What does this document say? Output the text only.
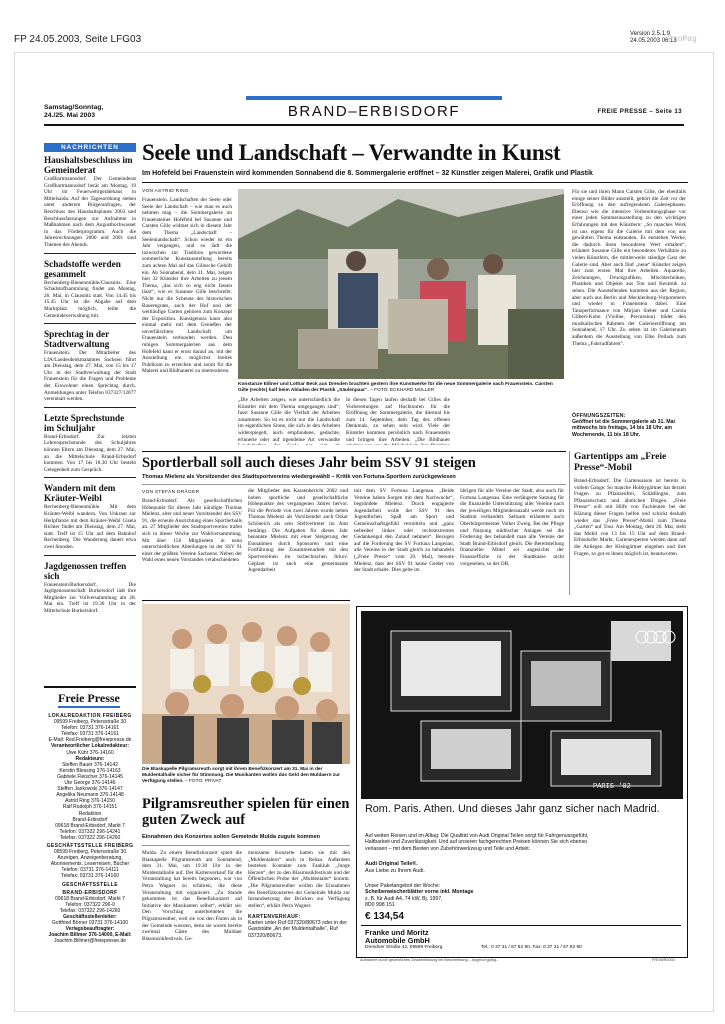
FP 24.05.2003, Seite LFG03	Version 2.5.1.9
24.05.2003 06:13
ProPag
Samstag/Sonntag,
24./25. Mai 2003	BRAND–ERBISDORF	FREIE PRESSE – Seite 13
NACHRICHTEN
Haushaltsbeschluss im Gemeinderat

Großhartmannsdorf. Der Gemeinderat Großhartmannsdorf berät am Montag, 19 Uhr im Feuerwehrgerätehaus in Mittelsaida. Auf der Tagesordnung stehen unter anderem Bürgeranfragen, der Beschluss des Haushaltsplanes 2003 und Beschlussfassungen zur Aufnahme in Maßnahmen nach dem Augusthochwasser in das Förderprogramm. Auch die Jahresrechnungen 2000 und 2001 sind Themen des Abends.

Schadstoffe werden gesammelt

Rechenberg-Bienenmühle/Clausnitz. Eine Schadstoffsammlung findet am Montag, 26. Mai, in Clausnitz statt. Von 14.45 bis 15.45 Uhr ist die Abgabe auf dem Marktplatz möglich, teilte die Gemeindeverwaltung mit.

Sprechtag in der Stadtverwaltung

Frauenstein. Der Mitarbeiter des LfA/Landesdenkmalamtes Sachsen führt am Dienstag, dem 27. Mai, von 15 bis 17 Uhr in der Stadtverwaltung der Stadt Frauenstein für die Fragen und Probleme der Einwohner einen Sprechtag durch. Anmeldungen unter Telefon 037327/12877 vereinbart werden.

Letzte Sprechstunde im Schuljahr

Brand-Erbisdorf. Zur letzten Lehrersprechstunde des Schuljahres können Eltern am Dienstag, dem 27. Mai, an die Mittelschule Brand-Erbisdorf kommen. Von 17 bis 18.30 Uhr besteht Gelegenheit zum Gespräch.

Wandern mit dem Kräuter-Weibl

Rechenberg-Bienenmühle. Mit dem Kräuter-Weibl wandern. Von Unkraut zur Heilpflanze mit dem Kräuter-Weibl Gisela Richter findet am Dienstag, dem 27. Mai, statt. Treff ist 15 Uhr auf dem Bahnhof Rechenberg. Die Wanderung dauert etwa zwei Stunden.

Jagdgenossen treffen sich

Frauenstein/Burkersdorf. Die Jagdgenossenschaft Burkersdorf lädt ihre Mitglieder zur Vollversammlung am 28. Mai ein. Treff ist 19.30 Uhr in der Mittelschule Burkersdorf.

Freie Presse
LOKALREDAKTION FREIBERG
09599 Freiberg, Petersstraße 30
Telefon: 03731 376-14161
Telefax: 03731 376-14161
E-Mail: Red.Freiberg@freiepresse.de
Verantwortlicher Lokalredakteur:
Uwe Kühr 376-14160
Redakteure:
Steffen Bauer 376-14142
Kerstin Blessing 376-14163
Gabriele Fleischer 376-14145
Ute George 376-14146
Steffen Jankowski 376-14147
Angelika Neumann 376-14148
Astrid Ring 376-14150
Ralf Rudolph 376-14151
Redaktion
Brand-Erbisdorf
09618 Brand-Erbisdorf, Markt 7
Telefon: 037322 296-14241
Telefax: 037322 296-14260
GESCHÄFTSSTELLE FREIBERG
09599 Freiberg, Petersstraße 30
Anzeigen, Anzeigenberatung,
Abonnements, Leserreisen, Bücher
Telefon: 03731 376-14111
Telefax: 03731 376-14160
GESCHÄFTSSTELLE
BRAND-ERBISDORF
09618 Brand-Erbisdorf, Markt 7
Telefon: 037322 296-0
Telefax: 037322 296-14260
Geschäftsstellenleiter:
Gottfried Börner 03731 376-14100
Verlagsbeauftragter:
Joachim Billmer 376-14000, E-Mail:
Joachim.Billmer@freiepresse.de
Seele und Landschaft – Verwandte in Kunst
Im Hofefeld bei Frauenstein wird kommenden Sonnabend die 8. Sommergalerie eröffnet – 32 Künstler zeigen Malerei, Grafik und Plastik
VON ASTRID RING
Frauenstein. Landschaften der Seele oder Seele der Landschaft – wie man es auch nehmen mag – die Sommergalerie im Frauensteiner Hofefeld bei Susanne und Carsten Gille widmet sich in diesem Jahr dem Thema „Landschaft – Seelenlandschaft“. Schon wieder ist ein Jahr vergangen, und so lädt die inzwischen zur Tradition gewordene sommerliche Kunstausstellung bereits zum achten Mal auf das Gillesche Gehöft ein. Ab Sonnabend, dem 31. Mai, zeigen hier 32 Künstler ihre Arbeiten zu jenem Thema, „das sich so eng nicht fassen lässt“, wie es Susanne Gille beschreibt. Nicht nur die Scheune des historischen Bauerngutes, auch der Hof und der weitläufige Garten gehören zum Konzept der Exposition. Kunstgenuss kann also einmal mehr mit dem Genießen der unverfälschten Landschaft um Frauenstein verbunden werden. Den ruhigen Sommergalerien aus dem Hofefeld kann er ernst darauf an, mit der Ausstellung ein möglichst breites Publikum zu erreichen und somit für die Malerei und Bildhauerei zu interessieren.
Konstanze Eißner und Lothar Beck aus Dresden brachten gestern ihre Kunstwerke für die neue Sommergalerie nach Frauenstein. Carsten Gille (rechts) half beim Abladen der Plastik „Säulenpaar“. – FOTO: ECKHARD MÜLLER
„Die Arbeiten zeigen, wie unterschiedlich die Künstler mit dem Thema umgegangen sind“, fasst Susanne Gille die Vielfalt der Arbeiten zusammen. So ist es nicht nur die Landschaft im eigentlichen Sinne, die sich in den Arbeiten widerspiegelt, auch empfundene, gedachte, erinnerte oder auf irgendeine Art verwandte
In diesen Tagen laufen deshalb bei Gilles die Vorbereitungen auf Hochtouren für die Eröffnung der Sommergalerie, die diesmal bis zum 14. September, dem Tag des offenen Denkmals, zu sehen sein wird. Viele der Künstler kommen persönlich nach Frauenstein und bringen ihre Arbeiten. „Die Bildhauer
Für sie und ihren Mann Carsten Gille, der ebenfalls einige seiner Bilder ausstellt, gehört die Zeit vor der Eröffnung zu den aufregendsten Galeriephasen. Ebenso wie die intensive Vorbereitungsphase vor einer jeden Sommerausstellung zu den wichtigen Erfahrungen mit den Künstlern: „So manches Werk ist uns eigens für die Galerie mit dem von uns gewählten Thema entstanden. Es entstehen Werke, die dadurch ihren besonderen Wert erhalten“, erläutert Susanne Gille ein besonderes Verhältnis zu vielen Künstlern, die mittlerweile ständige Gast der Galerie sind. Aber auch fünf „neue“ Künstler zeigen hier zum ersten Mal ihre Arbeiten. Aquarelle, Zeichnungen, Druckgrafiken, Mischtechniken, Plastiken und Objekte aus Ton und Keramik zu sehen. Die Ausstellenden kommen aus der Region, aber auch aus Berlin und Mecklenburg-Vorpommern und wieder in Frauenstein dabei. Eine Tanzperformance von Mirjam Sieber und Carola Gilbert-Kuhn (Violine, Percussion) bildet den musikalischen Rahmen der Galerieeröffnung am Sonnabend, 17 Uhr. Zu sehen ist im Galerieraum außerdem die Ausstellung von Elke Pollack zum Thema „Fahrradfahren“.
ÖFFNUNGSZEITEN:
Geöffnet ist die Sommergalerie ab 31. Mai mittwochs bis freitags, 14 bis 18 Uhr, am Wochenende, 11 bis 18 Uhr.
Sportlerball soll auch dieses Jahr beim SSV 91 steigen
Thomas Mielenz als Vorsitzender des Stadtsportvereins wiedergewählt – Kritik von Fortuna-Sportlern zurückgewiesen
VON STEFAN DRÄGER
Brand-Erbisdorf. Als gesellschaftlichen Höhepunkt für dieses Jahr kündigte Thomas Mielenz, alter und neuer Vorsitzender des SSV 91, die erneute Ausrichtung eines Sportlerballs an. 27 Mitglieder des Stadtsportvereins trafen sich in dieser Woche zur Wahlversammlung. Mit über 150 Mitgliedern in neun unterschiedlichen Abteilungen ist der SSV 91 einer der größten Vereine Sachsens. Neben der Wahl eines neuen Vorstandes verabschiedeten
die Mitglieder den Kassenbericht 2002 und hoben sportliche und gesellschaftliche Höhepunkte des vergangenen Jahres hervor. Für die Periode von zwei Jahren wurde neben Thomas Mielenz als Vorsitzender auch Oskar Schöneich als sein Stellvertreter im Amt bestätigt. Die Aufgaben für dieses Jahr benannte Mielenz mit einer Steigerung der Einnahmen durch Sponsoren und eine Fortführung der Zusammenarbeit mit den Sportvereinen im tschechischen Jirkov. Geplant ist auch eine gemeinsame Jugendarbeit
mit dem SV Fortuna Langenau. „Beide Vereine haben Sorgen mit dem Nachwuchs“, begründete Mielenz. Durch engagierte Jugendarbeit wolle der SSV 91 den Jugendlichen Spaß am Sport und Gemeinschaftsgefühl vermitteln und „ganz nebenbei linkes oder rechtsextremes Gedankengut den Zulauf nehmen“. Bezogen auf die Forderung des SV Fortuna Langenau, alle Vereine in der Stadt gleich zu behandeln („Freie Presse“ vom 20. Mai), betonte Mielenz, dass der SSV 91 keine Gelder von der Stadt erhalte. Dies gelte im
übrigen für alle Vereine der Stadt, also auch für Fortuna Langenau. Eine verlängerte Satzung für die finanzielle Unterstützung aller Vereine nach der jeweiligen Mitgliederanzahl werde noch im Stadtrat verhandelt. Seltsam erläuterte auch Oberbürgermeister Volker Zweig. Bei der Pflege und Nutzung städtischer Anlagen sei die Förderung des behandelt man alle Vereine der Stadt Brand-Erbisdorf gleich. Die Bereitstellung finanzieller Mittel sei angesichts der Finanzeffizite in der Stadtkasse nicht vorgesehen, so der OB.
Gartentipps am „Freie Presse“-Mobil
Brand-Erbisdorf. Die Gartensaison ist bereits in vollem Gange. So manche Hobbygärtner hat derzeit Fragen zu Pflanzenfrei, Schädlingen, zum Pflanzenschutz und ähnlichen Dingen. „Freie Presse“ will mit Hilfe von Fachleuten bei der Klärung dieser Fragen helfen und schickt deshalb wieder das „Freie Presse“-Mobil zum Thema „Garten“ auf Tour. Am Montag, dem 26. Mai, steht das Mobil von 13 bis 15 Uhr auf dem Brand-Erbisdorfer Markt. Gartenexperten werden dann auf die Anliegen der Kleingärtner eingehen und ihre Fragen, so gut es ihnen möglich ist, beantworten.
Die Blaskapelle Pilgramsreuth sorgt mit ihrem Benefizkonzert am 31. Mai in der Muldentalhalle sicher für Stimmung. Die Musikanten wollen das Geld den Muldaern zur Verfügung stellen. – FOTO: PRIVAT
Pilgramsreuther spielen für einen guten Zweck auf
Einnahmen des Konzertes sollen Gemeinde Mulda zugute kommen
Mulda. Zu einem Benefizkonzert spielt die Blaskapelle Pilgramsreuth am Sonnabend, dem 31. Mai, um 19.30 Uhr in der Muldentalhalle auf. Der Kartenverkauf für die Veranstaltung hat bereits begonnen, war von Petra Wagner zu erfahren, die diese Veranstaltung mit organisiert. „Zu Stande gekommen ist das Benefizkonzert auf Initiative der Musikanten selbst“, erklärt sie. Den Vorschlag unterbreiteten die Pilgramsreuther, weil sie von den Fluten als in der Gemeinde wussten, denn sie waren bereits zweimal Gäste des Muldaer Blasmusikfestivals. Ge-
meinsame Konzerte hatten sie mit den „Muldentalern“ auch in Rehau. Außerdem bestehen Kontakte zum Fanklub „Junge Herzen“, der zu den Blasmusikfestivals und der Öffentlichen Probe der „Muldentaler“ kommt. „Die Pilgramsreuther wollen die Einnahmen des Benefizkonzertes der Gemeinde Mulda zur Instandsetzung der Brücken zur Verfügung stellen“, erklärt Petra Wagner.
KARTENVERKAUF:
Karten unter Ruf 037320/80673 oder in der Gaststätte „An der Muldentalhalle“, Ruf 037320/80673.
PARIS '02
Rom. Paris. Athen. Und dieses Jahr ganz sicher nach Madrid.
Auf weiten Reisen und im Alltag: Die Qualität von Audi Original Teilen sorgt für Fahrgenussgefühl, Haltbarkeit und Zuverlässigkeit. Und auf unseren fachgerechten Preisen können Sie sich ebenso verlassen – mit dem Besten von Zubehörwerkzeug und Teile und Arbeit.
Audi Original Teile®.
Aus Liebe zu Ihrem Audi.
Unser Paketangebot der Woche:
Scheibenwischerblätter vorne inkl. Montage
z. B. für Audi A4, 74 kW, Bj. 1997,
8D0 998 151
€ 134,54
Franke und Moritz
Automobile GmbH
Dresdner Straße 42, 09599 Freiberg	Tel.: 0 37 31 / 67 82 80, Fax: 0 37 31 / 67 82 90
Aufnahme durch gesetzliches Gewährleistung bei Beschreibung... Angebot gültig...	FROWR2003
